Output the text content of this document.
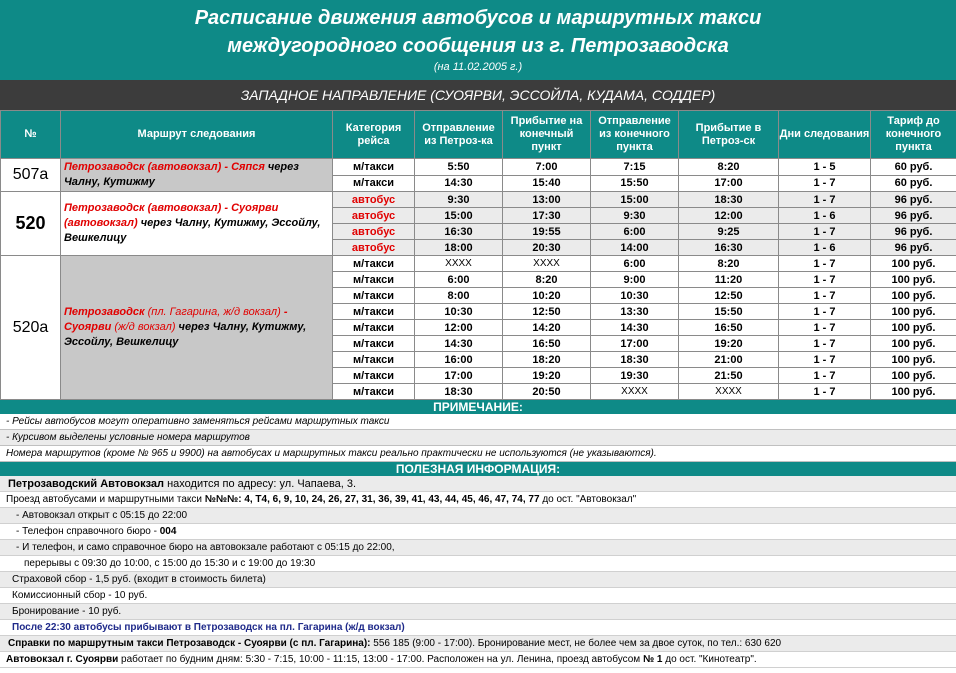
Расписание движения автобусов и маршрутных такси
междугородного сообщения из г. Петрозаводска
(на 11.02.2005 г.)
ЗАПАДНОЕ НАПРАВЛЕНИЕ (СУОЯРВИ, ЭССОЙЛА, КУДАМА, СОДДЕР)
№	Маршрут следования	Категория рейса	Отправление из Петроз-ка	Прибытие на конечный пункт	Отправление из конечного пункта	Прибытие в Петроз-ск	Дни следования	Тариф до конечного пункта
507а	Петрозаводск (автовокзал) - Сяпся через Чалну, Кутижму	м/такси	5:50	7:00	7:15	8:20	1 - 5	60 руб.
		м/такси	14:30	15:40	15:50	17:00	1 - 7	60 руб.
520	Петрозаводск (автовокзал) - Суоярви (автовокзал) через Чалну, Кутижму, Эссойлу, Вешкелицу	автобус	9:30	13:00	15:00	18:30	1 - 7	96 руб.
		автобус	15:00	17:30	9:30	12:00	1 - 6	96 руб.
		автобус	16:30	19:55	6:00	9:25	1 - 7	96 руб.
		автобус	18:00	20:30	14:00	16:30	1 - 6	96 руб.
520а	Петрозаводск (пл. Гагарина, ж/д вокзал) - Суоярви (ж/д вокзал) через Чалну, Кутижму, Эссойлу, Вешкелицу	м/такси	XXXX	XXXX	6:00	8:20	1 - 7	100 руб.
		м/такси	6:00	8:20	9:00	11:20	1 - 7	100 руб.
		м/такси	8:00	10:20	10:30	12:50	1 - 7	100 руб.
		м/такси	10:30	12:50	13:30	15:50	1 - 7	100 руб.
		м/такси	12:00	14:20	14:30	16:50	1 - 7	100 руб.
		м/такси	14:30	16:50	17:00	19:20	1 - 7	100 руб.
		м/такси	16:00	18:20	18:30	21:00	1 - 7	100 руб.
		м/такси	17:00	19:20	19:30	21:50	1 - 7	100 руб.
		м/такси	18:30	20:50	XXXX	XXXX	1 - 7	100 руб.
ПРИМЕЧАНИЕ:
- Рейсы автобусов могут оперативно заменяться рейсами маршрутных такси
- Курсивом выделены условные номера маршрутов
Номера маршрутов (кроме № 965 и 9900) на автобусах и маршрутных такси реально практически не используются (не указываются).
ПОЛЕЗНАЯ ИНФОРМАЦИЯ:
Петрозаводский Автовокзал находится по адресу: ул. Чапаева, 3.
Проезд автобусами и маршрутными такси №№№: 4, Т4, 6, 9, 10, 24, 26, 27, 31, 36, 39, 41, 43, 44, 45, 46, 47, 74, 77 до ост. "Автовокзал"
- Автовокзал открыт с 05:15 до 22:00
- Телефон справочного бюро - 004
- И телефон, и само справочное бюро на автовокзале работают с 05:15 до 22:00,
перерывы с 09:30 до 10:00, с 15:00 до 15:30 и с 19:00 до 19:30
Страховой сбор - 1,5 руб. (входит в стоимость билета)
Комиссионный сбор - 10 руб.
Бронирование - 10 руб.
После 22:30 автобусы прибывают в Петрозаводск на пл. Гагарина (ж/д вокзал)
Справки по маршрутным такси Петрозаводск - Суоярви (с пл. Гагарина): 556 185 (9:00 - 17:00). Бронирование мест, не более чем за двое суток, по тел.: 630 620
Автовокзал г. Суоярви работает по будним дням: 5:30 - 7:15, 10:00 - 11:15, 13:00 - 17:00. Расположен на ул. Ленина, проезд автобусом № 1 до ост. "Кинотеатр".
